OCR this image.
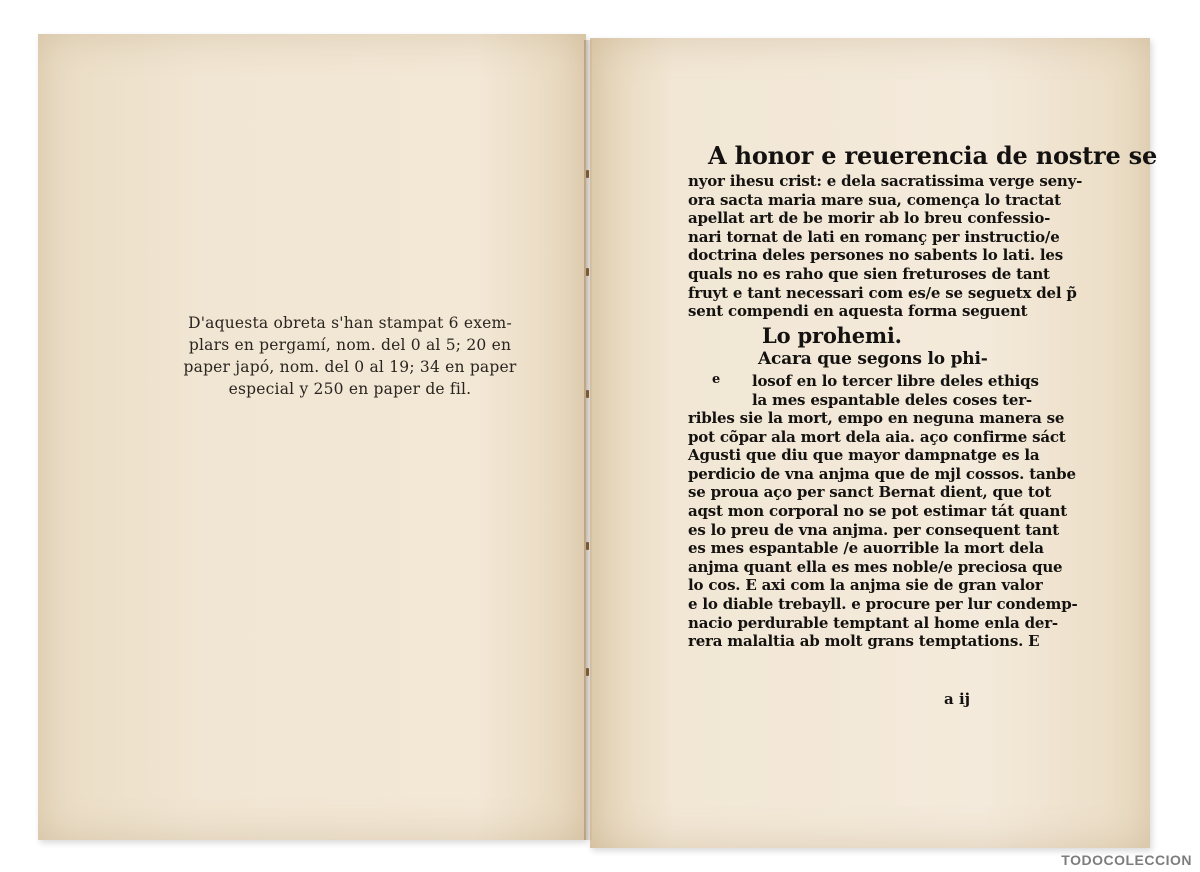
D'aquesta obreta s'han stampat 6 exem-
plars en pergamí, nom. del 0 al 5; 20 en
paper japó, nom. del 0 al 19; 34 en paper
especial y 250 en paper de fil.
A honor e reuerencia de nostre se
nyor ihesu crist: e dela sacratissima verge seny-
ora sacta maria mare sua, comença lo tractat
apellat art de be morir ab lo breu confessio-
nari tornat de lati en romanç per instructio/e
doctrina deles persones no sabents lo lati. les
quals no es raho que sien freturoses de tant
fruyt e tant necessari com es/e se seguetx del p̃
sent compendi en aquesta forma seguent
Lo prohemi.
Acara que segons lo phi-
e losof en lo tercer libre deles ethiqs
la mes espantable deles coses ter-
ribles sie la mort, empo en neguna manera se
pot cõpar ala mort dela aia. aço confirme sáct
Agusti que diu que mayor dampnatge es la
perdicio de vna anjma que de mjl cossos. tanbe
se proua aço per sanct Bernat dient, que tot
aqst mon corporal no se pot estimar tát quant
es lo preu de vna anjma. per consequent tant
es mes espantable /e auorrible la mort dela
anjma quant ella es mes noble/e preciosa que
lo cos. E axi com la anjma sie de gran valor
e lo diable trebayll. e procure per lur condemp-
nacio perdurable temptant al home enla der-
rera malaltia ab molt grans temptations. E
a ij
TODOCOLECCION
